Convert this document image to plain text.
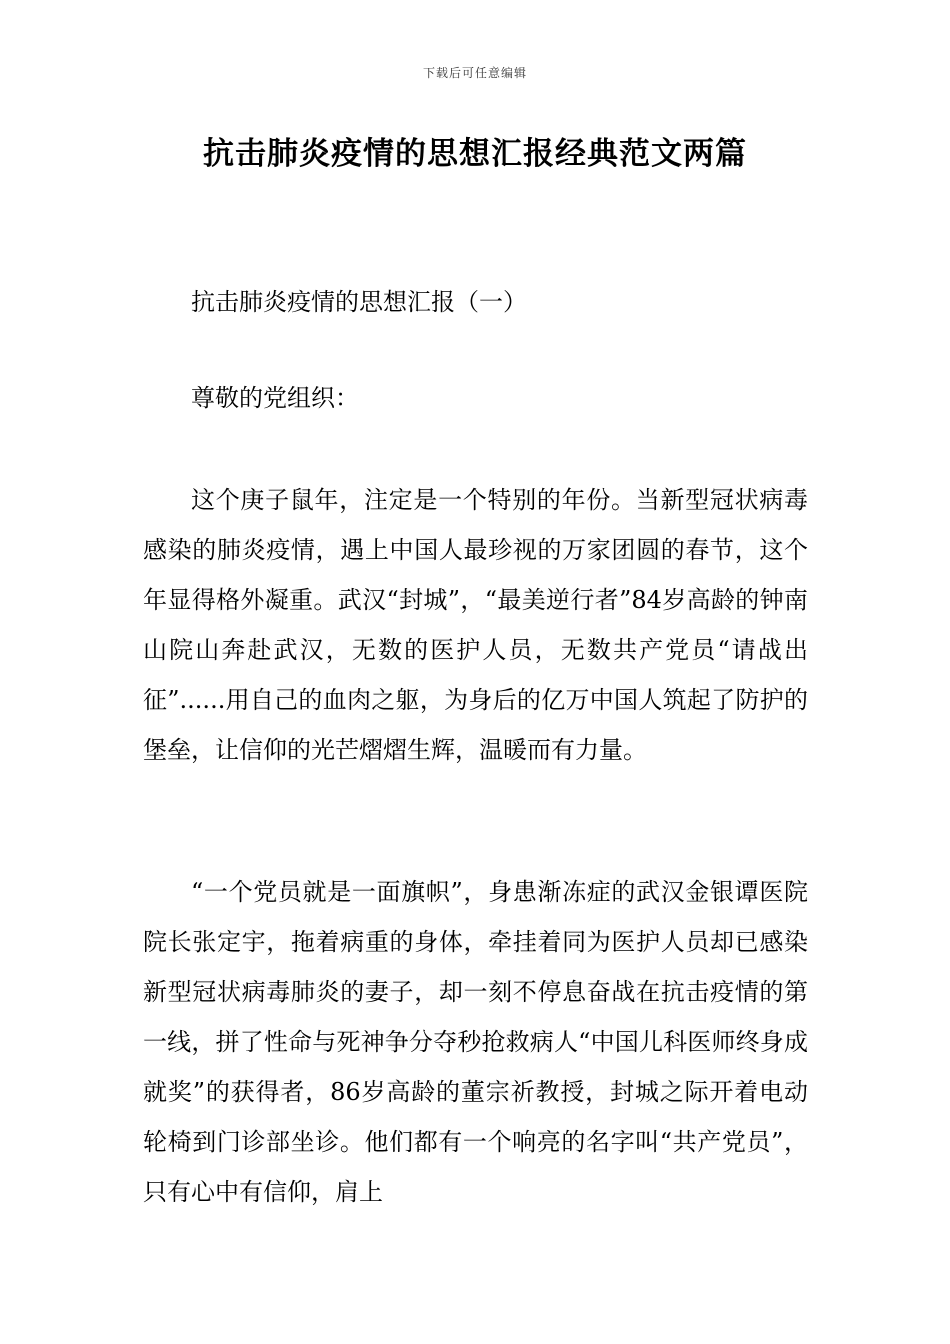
下载后可任意编辑
抗击肺炎疫情的思想汇报经典范文两篇
抗击肺炎疫情的思想汇报（一）
尊敬的党组织：
这个庚子鼠年，注定是一个特别的年份。当新型冠状病毒感染的肺炎疫情，遇上中国人最珍视的万家团圆的春节，这个年显得格外凝重。武汉“封城”，“最美逆行者”84岁高龄的钟南山院山奔赴武汉，无数的医护人员，无数共产党员“请战出征”......用自己的血肉之躯，为身后的亿万中国人筑起了防护的堡垒，让信仰的光芒熠熠生辉，温暖而有力量。
“一个党员就是一面旗帜”，身患渐冻症的武汉金银谭医院院长张定宇，拖着病重的身体，牵挂着同为医护人员却已感染新型冠状病毒肺炎的妻子，却一刻不停息奋战在抗击疫情的第一线，拼了性命与死神争分夺秒抢救病人“中国儿科医师终身成就奖”的获得者，86岁高龄的董宗祈教授，封城之际开着电动轮椅到门诊部坐诊。他们都有一个响亮的名字叫“共产党员”，只有心中有信仰，肩上
